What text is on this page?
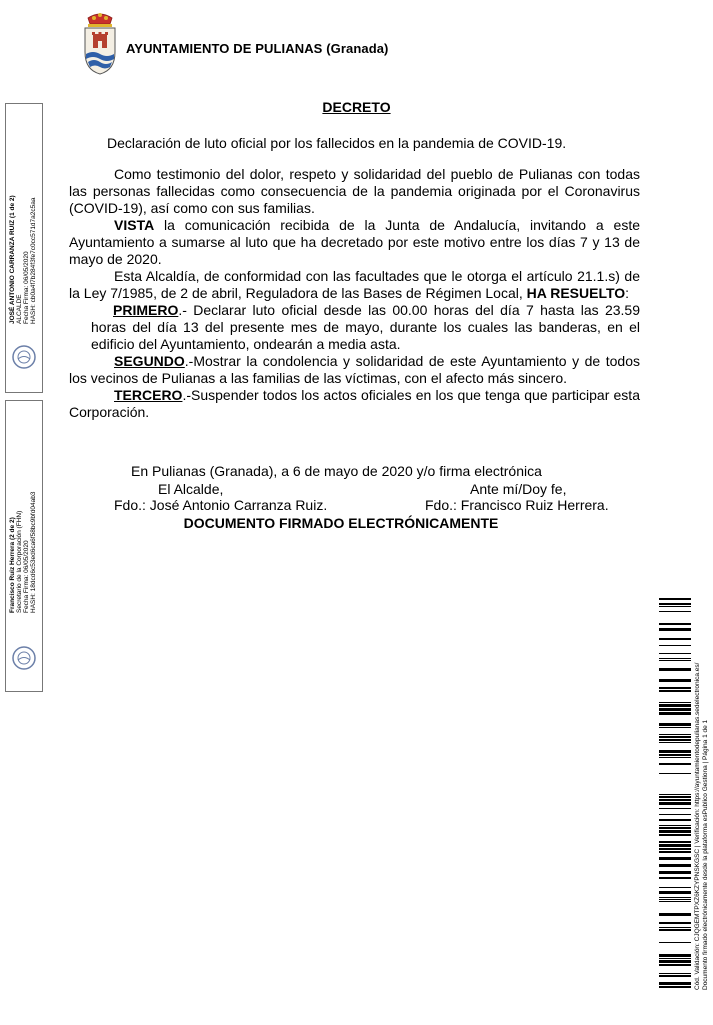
AYUNTAMIENTO DE PULIANAS (Granada)
DECRETO
Declaración de luto oficial por los fallecidos en la pandemia de COVID-19.

Como testimonio del dolor, respeto y solidaridad del pueblo de Pulianas con todas las personas fallecidas como consecuencia de la pandemia originada por el Coronavirus (COVID-19), así como con sus familias.

VISTA la comunicación recibida de la Junta de Andalucía, invitando a este Ayuntamiento a sumarse al luto que ha decretado por este motivo entre los días 7 y 13 de mayo de 2020.

Esta Alcaldía, de conformidad con las facultades que le otorga el artículo 21.1.s) de la Ley 7/1985, de 2 de abril, Reguladora de las Bases de Régimen Local, HA RESUELTO:

PRIMERO.- Declarar luto oficial desde las 00.00 horas del día 7 hasta las 23.59 horas del día 13 del presente mes de mayo, durante los cuales las banderas, en el edificio del Ayuntamiento, ondearán a media asta.

SEGUNDO.-Mostrar la condolencia y solidaridad de este Ayuntamiento y de todos los vecinos de Pulianas a las familias de las víctimas, con el afecto más sincero.

TERCERO.-Suspender todos los actos oficiales en los que tenga que participar esta Corporación.

En Pulianas (Granada), a 6 de mayo de 2020 y/o firma electrónica
El Alcalde,	Ante mí/Doy fe,
Fdo.: José Antonio Carranza Ruiz.	Fdo.: Francisco Ruiz Herrera.
DOCUMENTO FIRMADO ELECTRÓNICAMENTE
JOSÉ ANTONIO CARRANZA RUIZ (1 de 2) ALCALDE Fecha Firma: 06/05/2020 HASH: cb0a4f7b284f3fe7c0cc571d7a2c5aa
Francisco Ruiz Herrera (2 de 2) Secretario de la Corporación (FHN) Fecha Firma: 06/05/2020 HASH: 18dcd6c53ed6ca6f58bc9bfd04ab3
Cód. Validación: CJQGEMTPXZ6KZYPNSKGSC | Verificación: https://ayuntamientodepulianas.sedelectronica.es/ Documento firmado electrónicamente desde la plataforma esPublico Gestiona | Página 1 de 1
